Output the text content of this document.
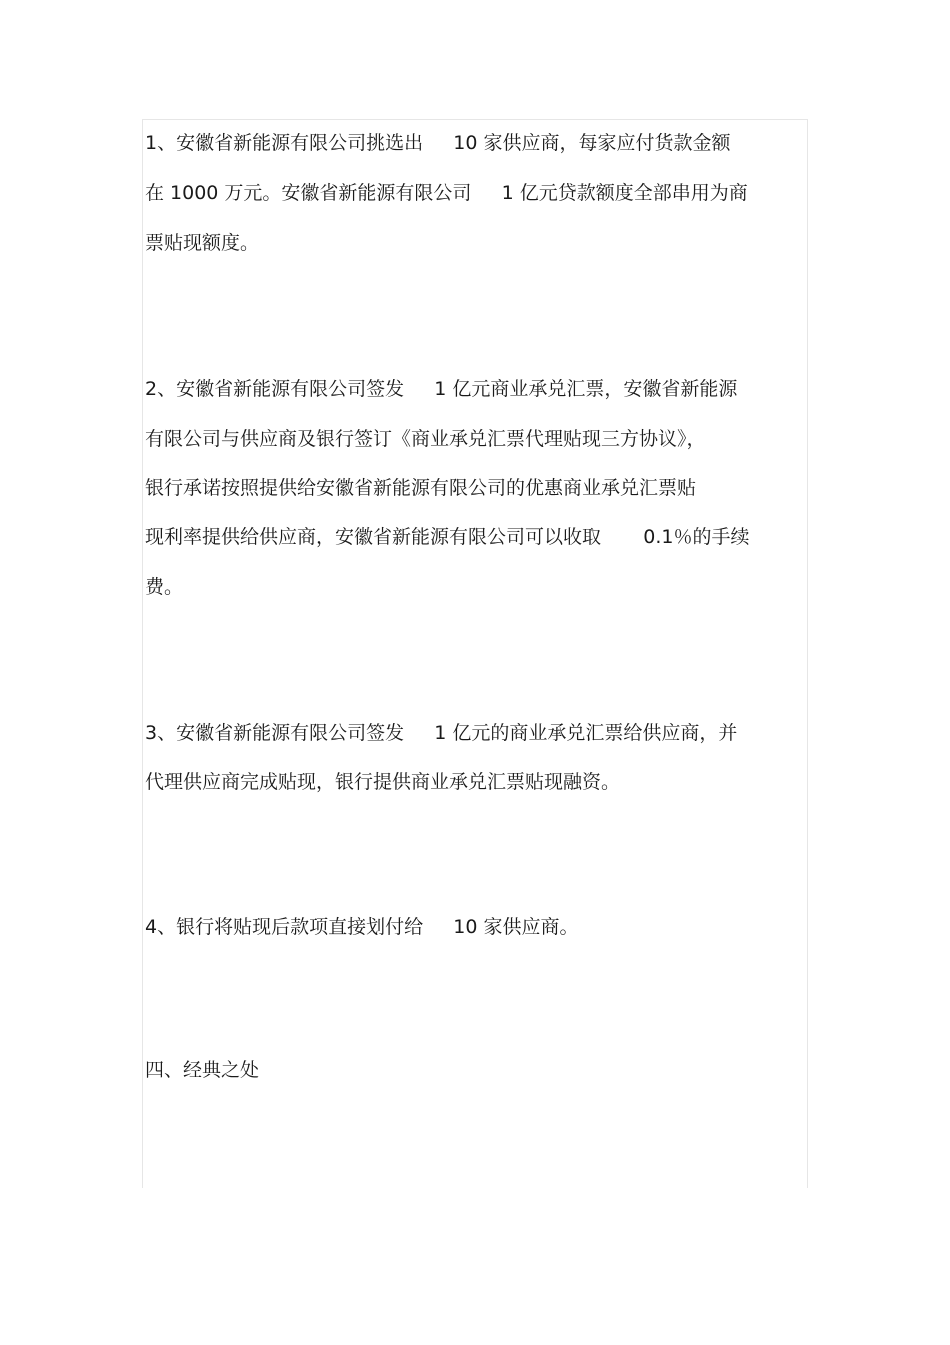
1、安徽省新能源有限公司挑选出     10 家供应商，每家应付货款金额
在 1000 万元。安徽省新能源有限公司     1 亿元贷款额度全部串用为商
票贴现额度。
2、安徽省新能源有限公司签发     1 亿元商业承兑汇票，安徽省新能源
有限公司与供应商及银行签订《商业承兑汇票代理贴现三方协议》，
银行承诺按照提供给安徽省新能源有限公司的优惠商业承兑汇票贴
现利率提供给供应商，安徽省新能源有限公司可以收取       0.1％的手续
费。
3、安徽省新能源有限公司签发     1 亿元的商业承兑汇票给供应商，并
代理供应商完成贴现，银行提供商业承兑汇票贴现融资。
4、银行将贴现后款项直接划付给     10 家供应商。
四、经典之处
